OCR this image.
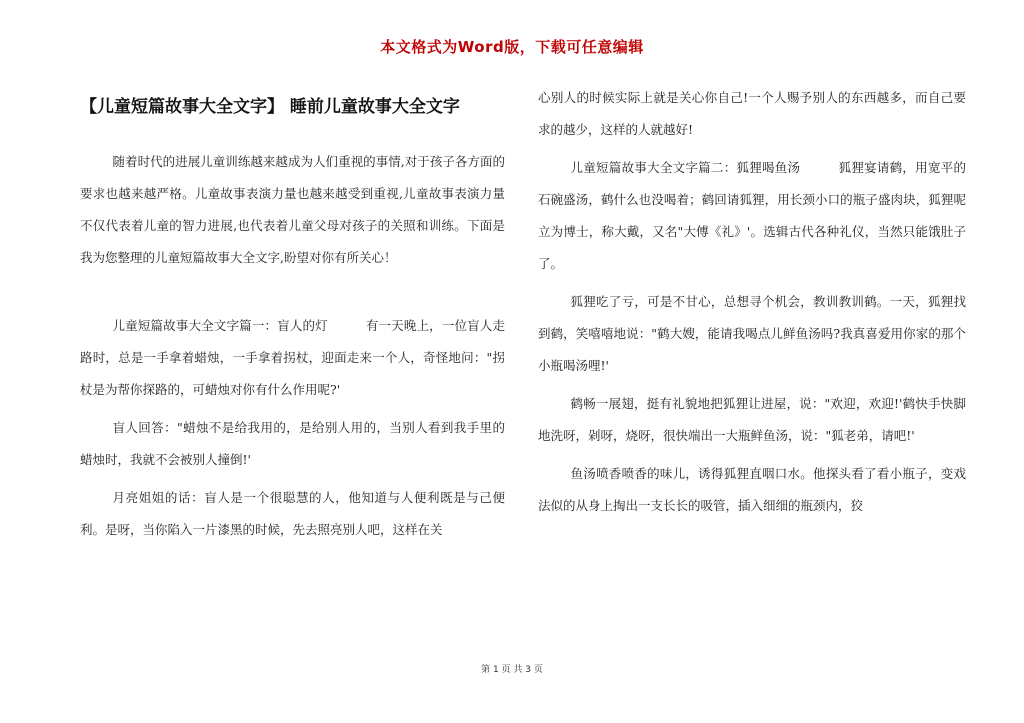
本文格式为Word版，下载可任意编辑
【儿童短篇故事大全文字】 睡前儿童故事大全文字

随着时代的进展儿童训练越来越成为人们重视的事情,对于孩子各方面的要求也越来越严格。儿童故事表演力量也越来越受到重视,儿童故事表演力量不仅代表着儿童的智力进展,也代表着儿童父母对孩子的关照和训练。下面是我为您整理的儿童短篇故事大全文字,盼望对你有所关心！

儿童短篇故事大全文字篇一：盲人的灯　　　有一天晚上，一位盲人走路时，总是一手拿着蜡烛，一手拿着拐杖，迎面走来一个人，奇怪地问："拐杖是为帮你探路的，可蜡烛对你有什么作用呢?'

盲人回答："蜡烛不是给我用的，是给别人用的，当别人看到我手里的蜡烛时，我就不会被别人撞倒!'

月亮姐姐的话：盲人是一个很聪慧的人，他知道与人便利既是与己便利。是呀，当你陷入一片漆黑的时候，先去照亮别人吧，这样在关

心别人的时候实际上就是关心你自己!一个人赐予别人的东西越多，而自己要求的越少，这样的人就越好!

儿童短篇故事大全文字篇二：狐狸喝鱼汤　　　狐狸宴请鹤，用宽平的石碗盛汤，鹤什么也没喝着；鹤回请狐狸，用长颈小口的瓶子盛肉块，狐狸呢立为博士，称大戴，又名"大傅《礼》'。选辑古代各种礼仪，当然只能饿肚子了。

狐狸吃了亏，可是不甘心，总想寻个机会，教训教训鹤。一天，狐狸找到鹤，笑嘻嘻地说："鹤大嫂，能请我喝点儿鲜鱼汤吗?我真喜爱用你家的那个小瓶喝汤哩!'

鹤畅一展翅，挺有礼貌地把狐狸让进屋，说："欢迎，欢迎!'鹤快手快脚地洗呀，剁呀，烧呀，很快端出一大瓶鲜鱼汤，说："狐老弟，请吧!'

鱼汤喷香喷香的味儿，诱得狐狸直咽口水。他探头看了看小瓶子，变戏法似的从身上掏出一支长长的吸管，插入细细的瓶颈内，狡

第 1 页 共 3 页
